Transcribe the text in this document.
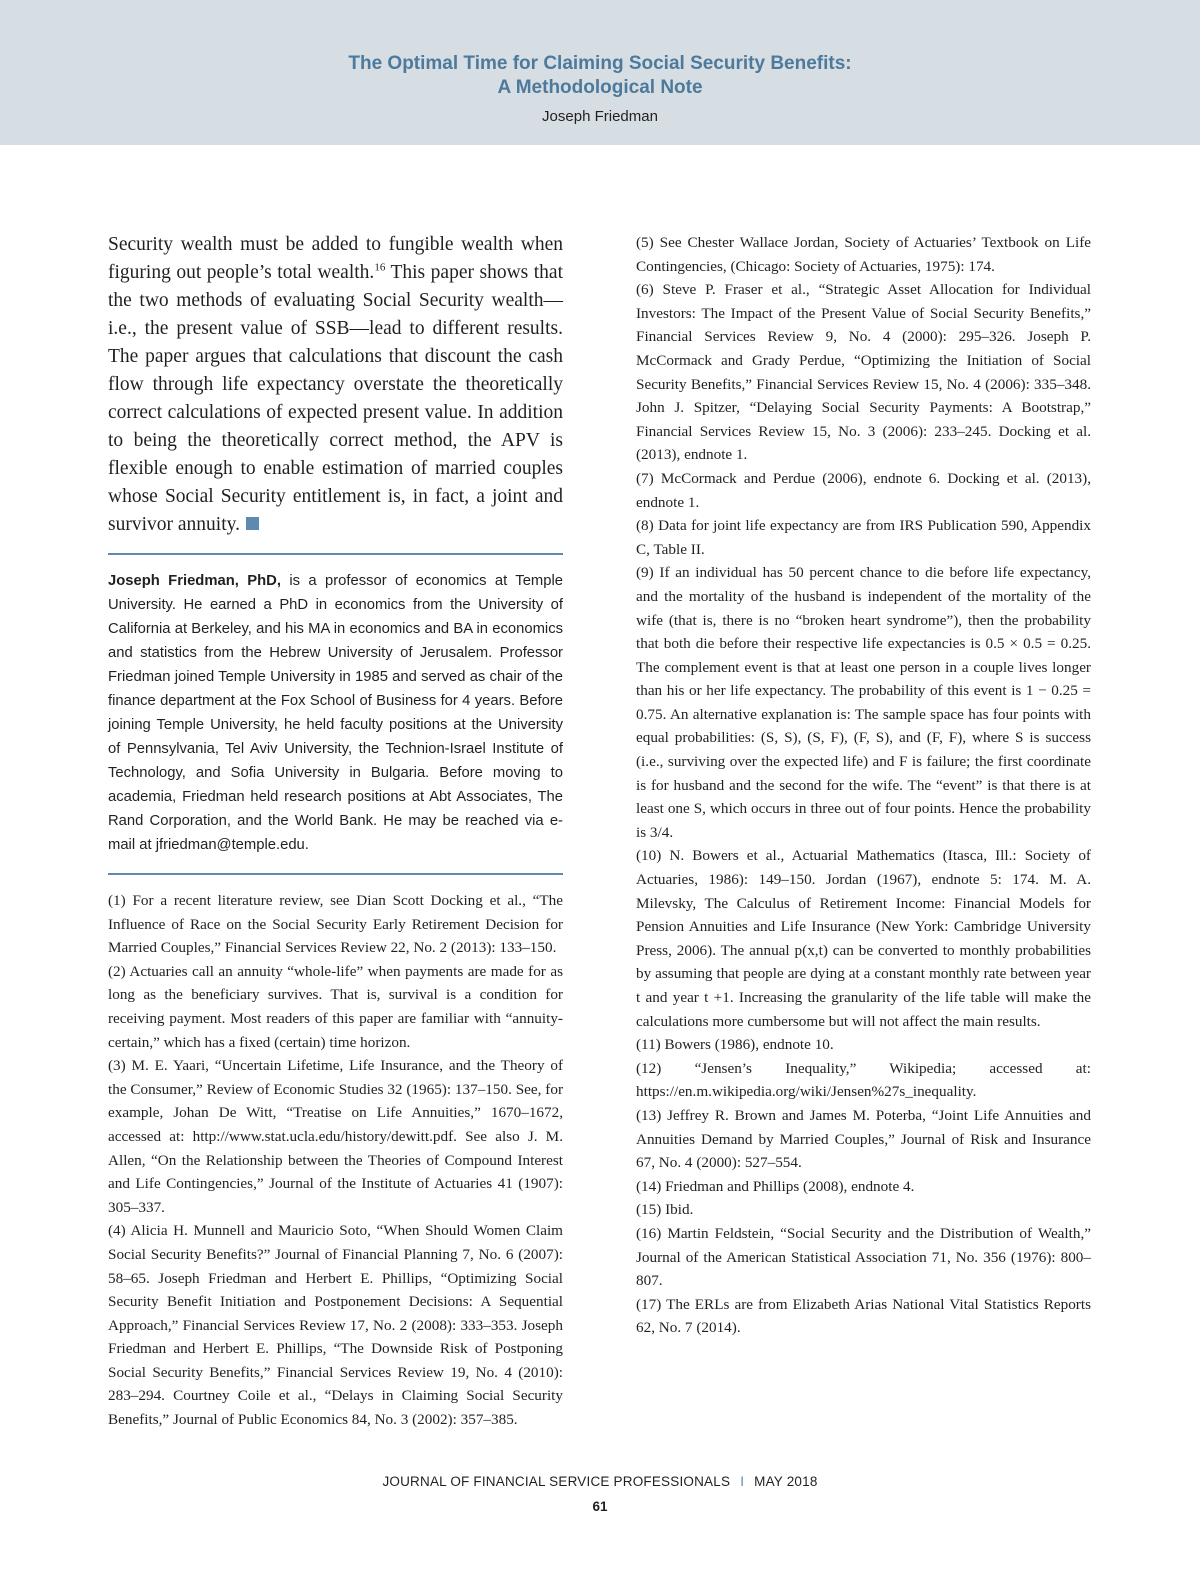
The Optimal Time for Claiming Social Security Benefits:
A Methodological Note
Joseph Friedman

Security wealth must be added to fungible wealth when figuring out people’s total wealth.$^{16}$ This paper shows that the two methods of evaluating Social Security wealth—i.e., the present value of SSB—lead to different results. The paper argues that calculations that discount the cash flow through life expectancy overstate the theoretically correct calculations of expected present value. In addition to being the theoretically correct method, the APV is flexible enough to enable estimation of married couples whose Social Security entitlement is, in fact, a joint and survivor annuity.

Joseph Friedman, PhD, is a professor of economics at Temple University. He earned a PhD in economics from the University of California at Berkeley, and his MA in economics and BA in economics and statistics from the Hebrew University of Jerusalem. Professor Friedman joined Temple University in 1985 and served as chair of the finance department at the Fox School of Business for 4 years. Before joining Temple University, he held faculty positions at the University of Pennsylvania, Tel Aviv University, the Technion-Israel Institute of Technology, and Sofia University in Bulgaria. Before moving to academia, Friedman held research positions at Abt Associates, The Rand Corporation, and the World Bank. He may be reached via e-mail at jfriedman@temple.edu.

(1) For a recent literature review, see Dian Scott Docking et al., “The Influence of Race on the Social Security Early Retirement Decision for Married Couples,” Financial Services Review 22, No. 2 (2013): 133–150.

(2) Actuaries call an annuity “whole-life” when payments are made for as long as the beneficiary survives. That is, survival is a condition for receiving payment. Most readers of this paper are familiar with “annuity-certain,” which has a fixed (certain) time horizon.

(3) M. E. Yaari, “Uncertain Lifetime, Life Insurance, and the Theory of the Consumer,” Review of Economic Studies 32 (1965): 137–150. See, for example, Johan De Witt, “Treatise on Life Annuities,” 1670–1672, accessed at: http://www.stat.ucla.edu/history/dewitt.pdf. See also J. M. Allen, “On the Relationship between the Theories of Compound Interest and Life Contingencies,” Journal of the Institute of Actuaries 41 (1907): 305–337.

(4) Alicia H. Munnell and Mauricio Soto, “When Should Women Claim Social Security Benefits?” Journal of Financial Planning 7, No. 6 (2007): 58–65. Joseph Friedman and Herbert E. Phillips, “Optimizing Social Security Benefit Initiation and Postponement Decisions: A Sequential Approach,” Financial Services Review 17, No. 2 (2008): 333–353. Joseph Friedman and Herbert E. Phillips, “The Downside Risk of Postponing Social Security Benefits,” Financial Services Review 19, No. 4 (2010): 283–294. Courtney Coile et al., “Delays in Claiming Social Security Benefits,” Journal of Public Economics 84, No. 3 (2002): 357–385.

(5) See Chester Wallace Jordan, Society of Actuaries’ Textbook on Life Contingencies, (Chicago: Society of Actuaries, 1975): 174.

(6) Steve P. Fraser et al., “Strategic Asset Allocation for Individual Investors: The Impact of the Present Value of Social Security Benefits,” Financial Services Review 9, No. 4 (2000): 295–326. Joseph P. McCormack and Grady Perdue, “Optimizing the Initiation of Social Security Benefits,” Financial Services Review 15, No. 4 (2006): 335–348. John J. Spitzer, “Delaying Social Security Payments: A Bootstrap,” Financial Services Review 15, No. 3 (2006): 233–245. Docking et al. (2013), endnote 1.

(7) McCormack and Perdue (2006), endnote 6. Docking et al. (2013), endnote 1.

(8) Data for joint life expectancy are from IRS Publication 590, Appendix C, Table II.

(9) If an individual has 50 percent chance to die before life expectancy, and the mortality of the husband is independent of the mortality of the wife (that is, there is no “broken heart syndrome”), then the probability that both die before their respective life expectancies is 0.5 × 0.5 = 0.25. The complement event is that at least one person in a couple lives longer than his or her life expectancy. The probability of this event is 1 − 0.25 = 0.75. An alternative explanation is: The sample space has four points with equal probabilities: (S, S), (S, F), (F, S), and (F, F), where S is success (i.e., surviving over the expected life) and F is failure; the first coordinate is for husband and the second for the wife. The “event” is that there is at least one S, which occurs in three out of four points. Hence the probability is 3/4.

(10) N. Bowers et al., Actuarial Mathematics (Itasca, Ill.: Society of Actuaries, 1986): 149–150. Jordan (1967), endnote 5: 174. M. A. Milevsky, The Calculus of Retirement Income: Financial Models for Pension Annuities and Life Insurance (New York: Cambridge University Press, 2006). The annual p(x,t) can be converted to monthly probabilities by assuming that people are dying at a constant monthly rate between year t and year t +1. Increasing the granularity of the life table will make the calculations more cumbersome but will not affect the main results.

(11) Bowers (1986), endnote 10.

(12) “Jensen’s Inequality,” Wikipedia; accessed at: https://en.m.wikipedia.org/wiki/Jensen%27s_inequality.

(13) Jeffrey R. Brown and James M. Poterba, “Joint Life Annuities and Annuities Demand by Married Couples,” Journal of Risk and Insurance 67, No. 4 (2000): 527–554.

(14) Friedman and Phillips (2008), endnote 4.

(15) Ibid.

(16) Martin Feldstein, “Social Security and the Distribution of Wealth,” Journal of the American Statistical Association 71, No. 356 (1976): 800–807.

(17) The ERLs are from Elizabeth Arias National Vital Statistics Reports 62, No. 7 (2014).

JOURNAL OF FINANCIAL SERVICE PROFESSIONALS I MAY 2018
61
